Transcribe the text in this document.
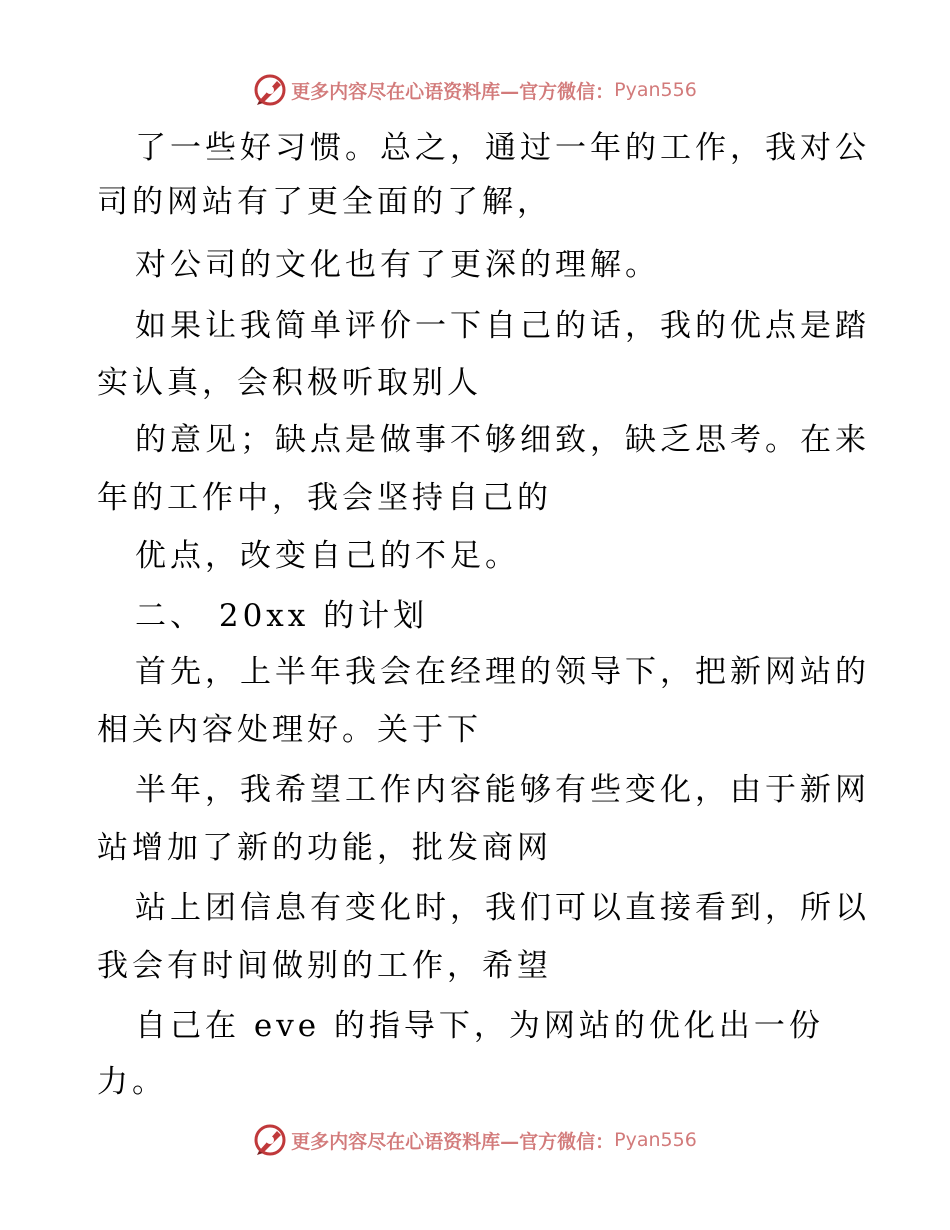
更多内容尽在心语资料库—官方微信： Pyan556
了一些好习惯。总之，通过一年的工作，我对公
司的网站有了更全面的了解，
对公司的文化也有了更深的理解。
如果让我简单评价一下自己的话，我的优点是踏
实认真，会积极听取别人
的意见；缺点是做事不够细致，缺乏思考。在来
年的工作中，我会坚持自己的
优点，改变自己的不足。
二、 20xx 的计划
首先，上半年我会在经理的领导下，把新网站的
相关内容处理好。关于下
半年，我希望工作内容能够有些变化，由于新网
站增加了新的功能，批发商网
站上团信息有变化时，我们可以直接看到，所以
我会有时间做别的工作，希望
自己在 eve 的指导下，为网站的优化出一份
力。
更多内容尽在心语资料库—官方微信： Pyan556
